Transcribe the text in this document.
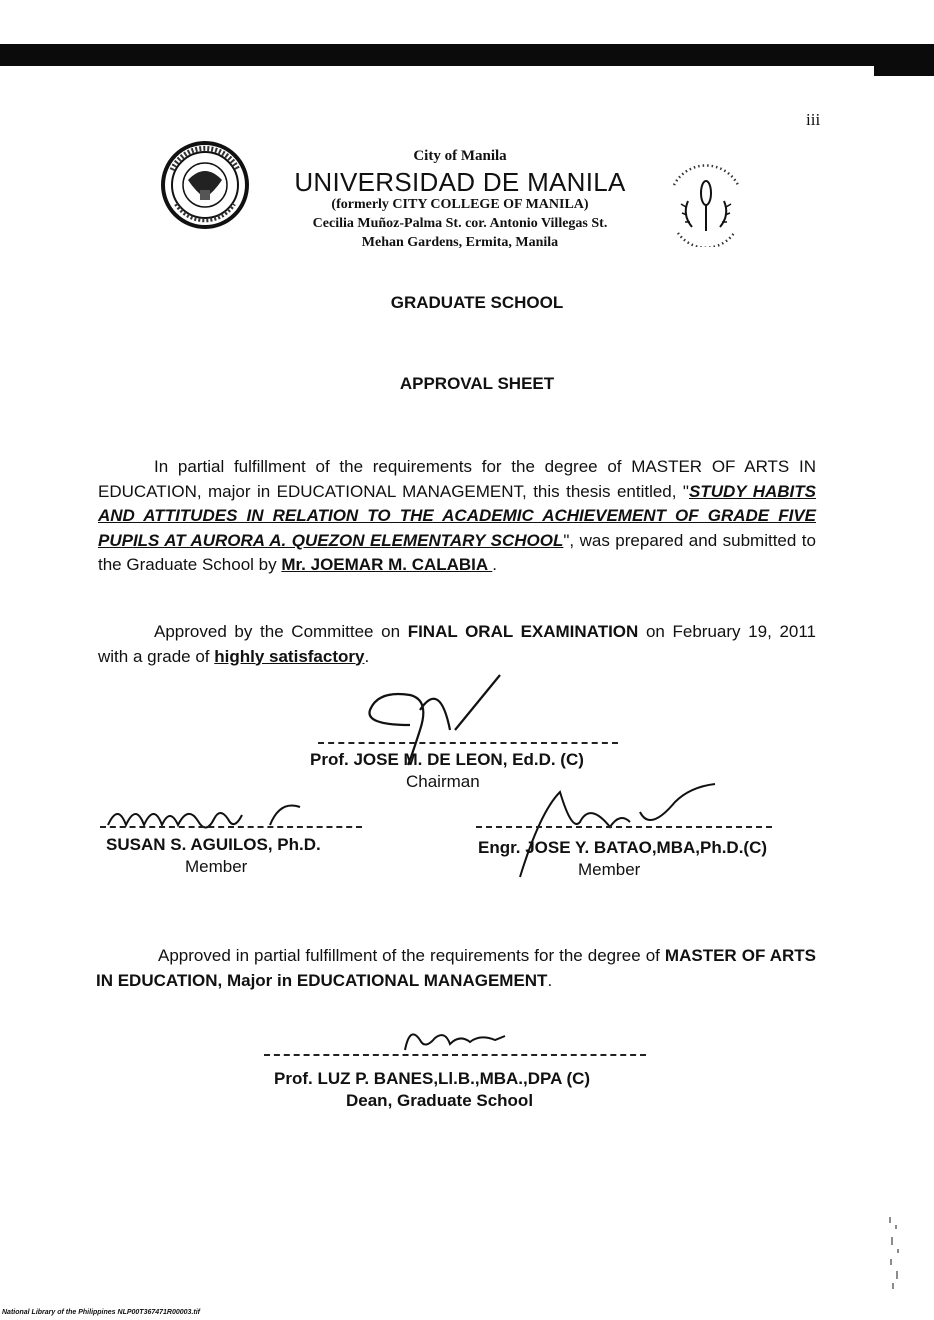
iii
City of Manila
UNIVERSIDAD DE MANILA
(formerly CITY COLLEGE OF MANILA)
Cecilia Muñoz-Palma St. cor. Antonio Villegas St.
Mehan Gardens, Ermita, Manila
GRADUATE SCHOOL
APPROVAL SHEET
In partial fulfillment of the requirements for the degree of MASTER OF ARTS IN EDUCATION, major in EDUCATIONAL MANAGEMENT, this thesis entitled, "STUDY HABITS AND ATTITUDES IN RELATION TO THE ACADEMIC ACHIEVEMENT OF GRADE FIVE PUPILS AT AURORA A. QUEZON ELEMENTARY SCHOOL", was prepared and submitted to the Graduate School by Mr. JOEMAR M. CALABIA .
Approved by the Committee on FINAL ORAL EXAMINATION on February 19, 2011 with a grade of highly satisfactory.
Prof. JOSE M. DE LEON, Ed.D. (C)
Chairman
SUSAN S. AGUILOS, Ph.D.
Member
Engr. JOSE Y. BATAO,MBA,Ph.D.(C)
Member
Approved in partial fulfillment of the requirements for the degree of MASTER OF ARTS IN EDUCATION, Major in EDUCATIONAL MANAGEMENT.
Prof. LUZ P. BANES,Ll.B.,MBA.,DPA (C)
Dean, Graduate School
National Library of the Philippines NLP00T367471R00003.tif
